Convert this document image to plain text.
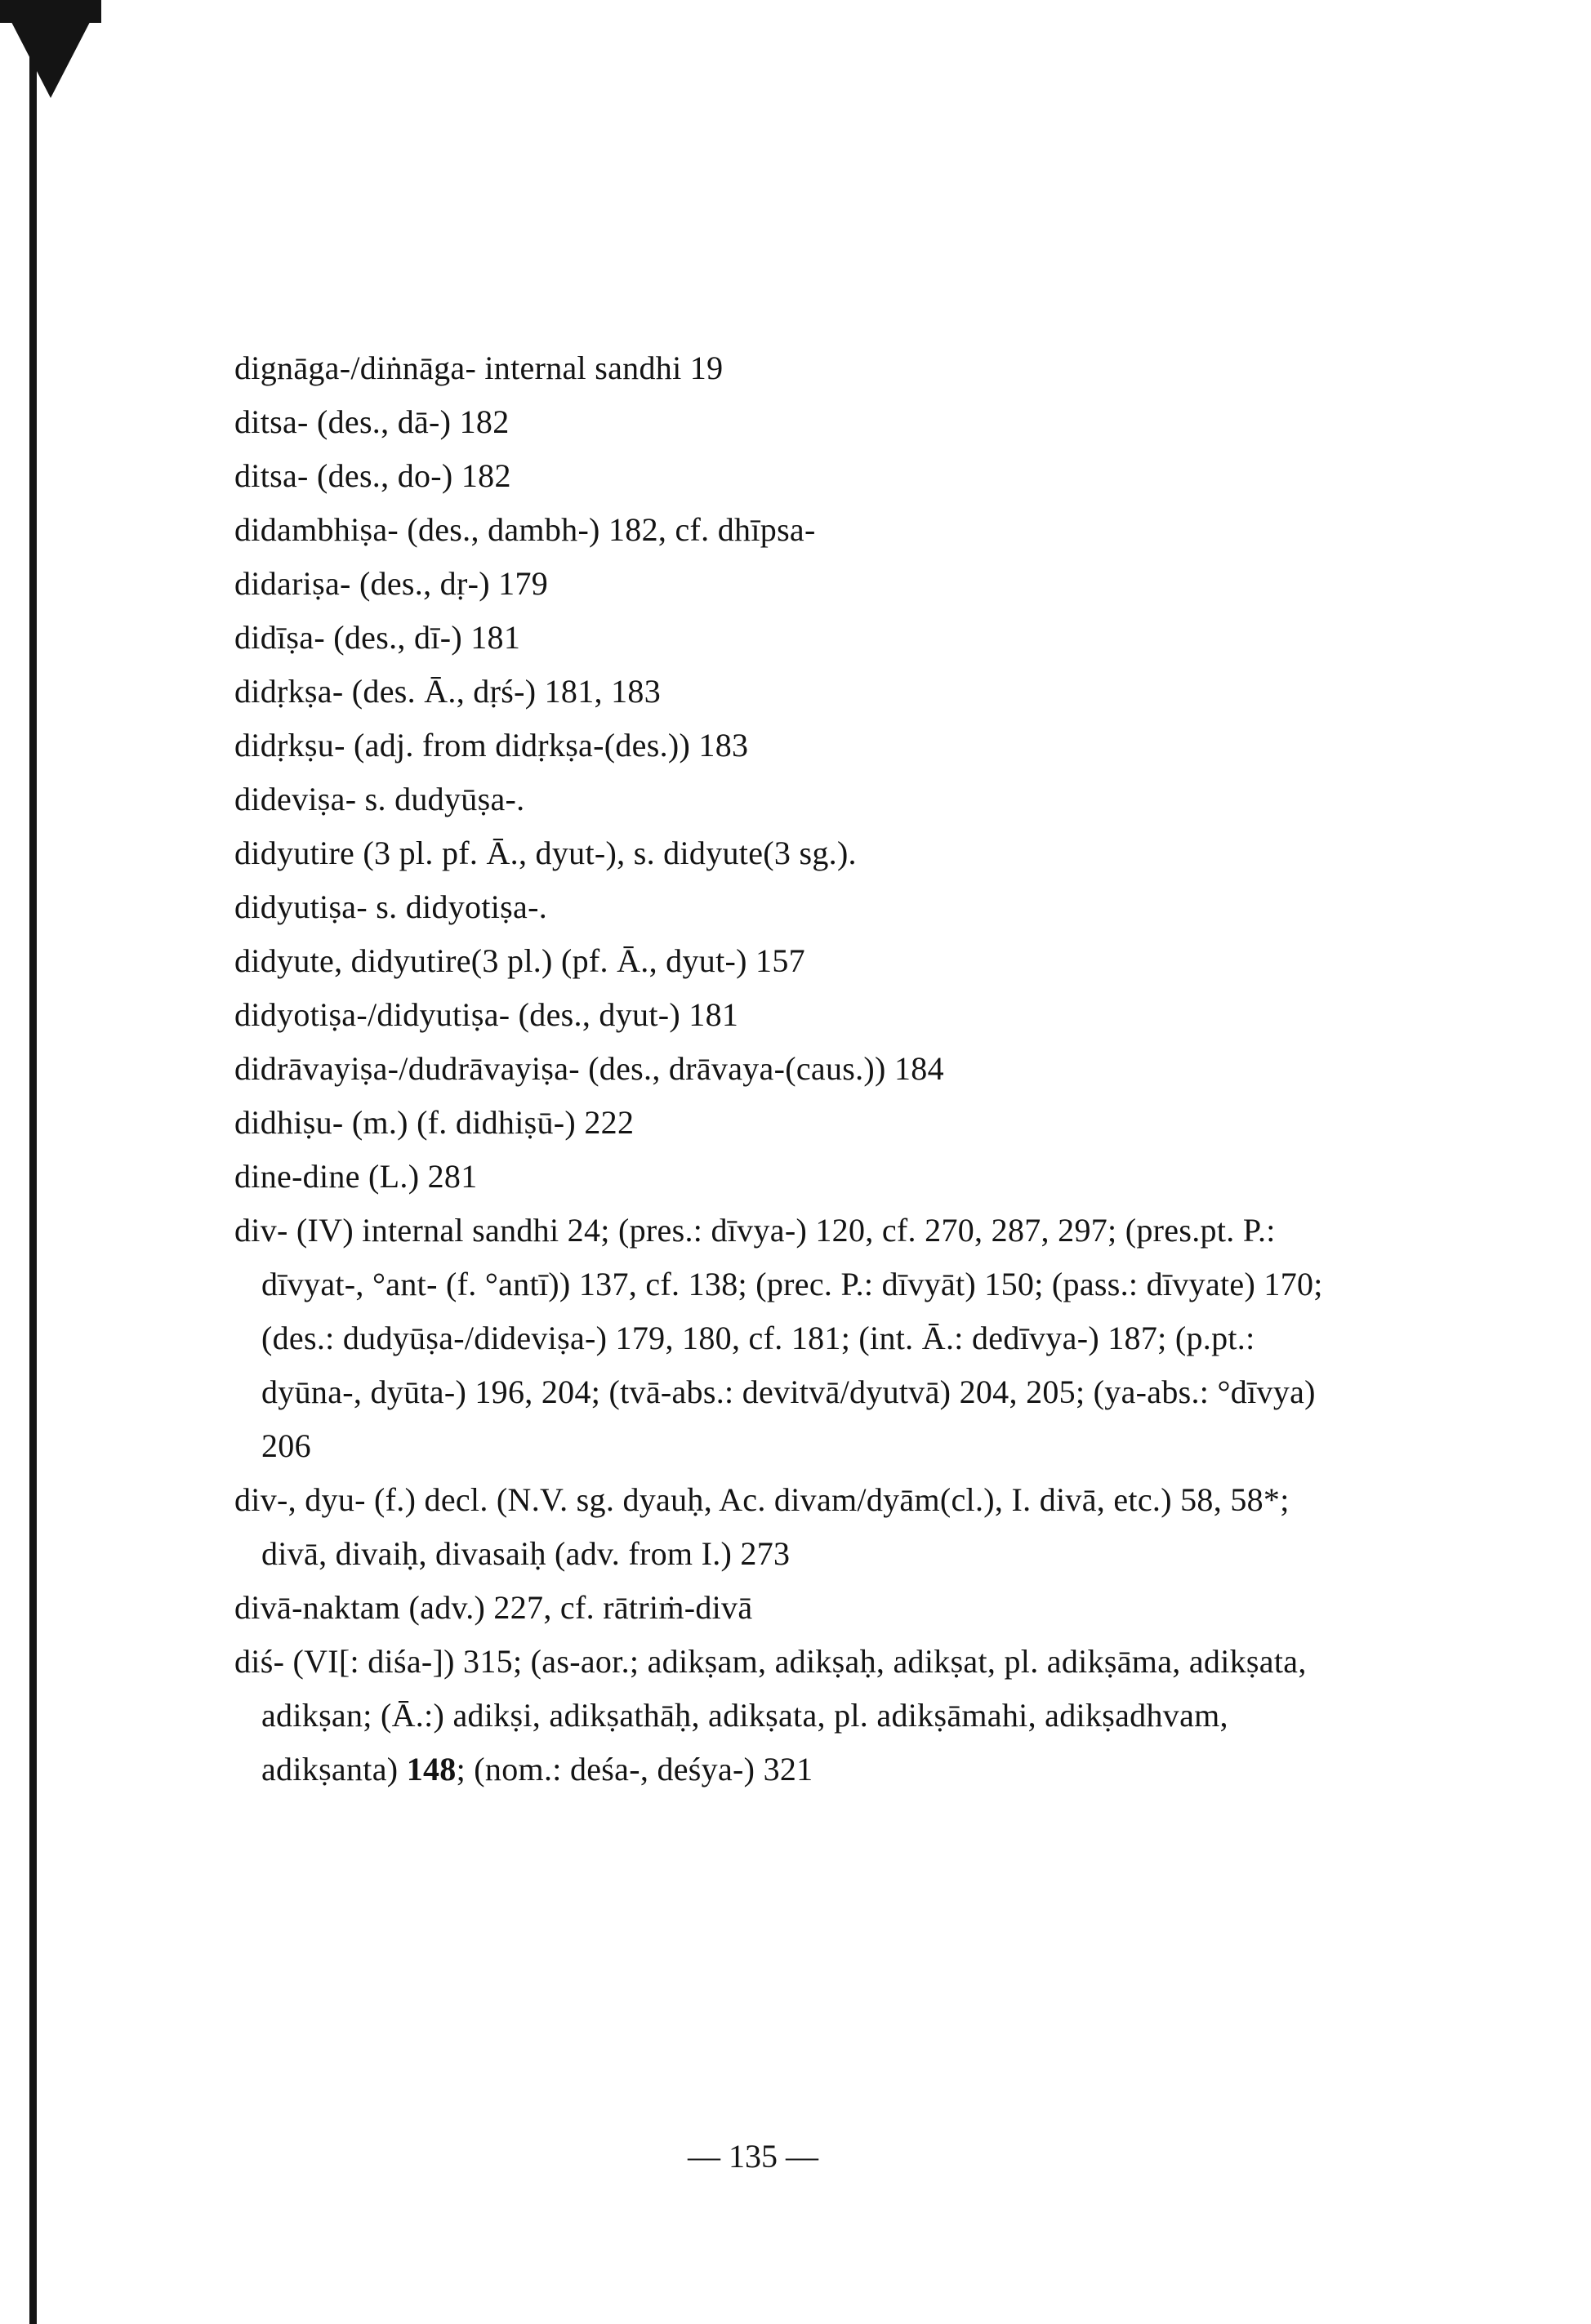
dignāga-/diṅnāga- internal sandhi 19
ditsa- (des., dā-) 182
ditsa- (des., do-) 182
didambhiṣa- (des., dambh-) 182, cf. dhīpsa-
didariṣa- (des., dṛ-) 179
didīṣa- (des., dī-) 181
didṛkṣa- (des. Ā., dṛś-) 181, 183
didṛkṣu- (adj. from didṛkṣa-(des.)) 183
dideviṣa- s. dudyūṣa-.
didyutire (3 pl. pf. Ā., dyut-), s. didyute(3 sg.).
didyutiṣa- s. didyotiṣa-.
didyute, didyutire(3 pl.) (pf. Ā., dyut-) 157
didyotiṣa-/didyutiṣa- (des., dyut-) 181
didrāvayiṣa-/dudrāvayiṣa- (des., drāvaya-(caus.)) 184
didhiṣu- (m.) (f. didhiṣū-) 222
dine-dine (L.) 281
div- (IV) internal sandhi 24; (pres.: dīvya-) 120, cf. 270, 287, 297; (pres.pt. P.: dīvyat-, °ant- (f. °antī)) 137, cf. 138; (prec. P.: dīvyāt) 150; (pass.: dīvyate) 170; (des.: dudyūṣa-/dideviṣa-) 179, 180, cf. 181; (int. Ā.: dedīvya-) 187; (p.pt.: dyūna-, dyūta-) 196, 204; (tvā-abs.: devitvā/dyutvā) 204, 205; (ya-abs.: °dīvya) 206
div-, dyu- (f.) decl. (N.V. sg. dyauḥ, Ac. divam/dyām(cl.), I. divā, etc.) 58, 58*; divā, divaiḥ, divasaiḥ (adv. from I.) 273
divā-naktam (adv.) 227, cf. rātriṁ-divā
diś- (VI[: diśa-]) 315; (as-aor.; adikṣam, adikṣaḥ, adikṣat, pl. adikṣāma, adikṣata, adikṣan; (Ā.:) adikṣi, adikṣathāḥ, adikṣata, pl. adikṣāmahi, adikṣadhvam, adikṣanta) 148; (nom.: deśa-, deśya-) 321
— 135 —
